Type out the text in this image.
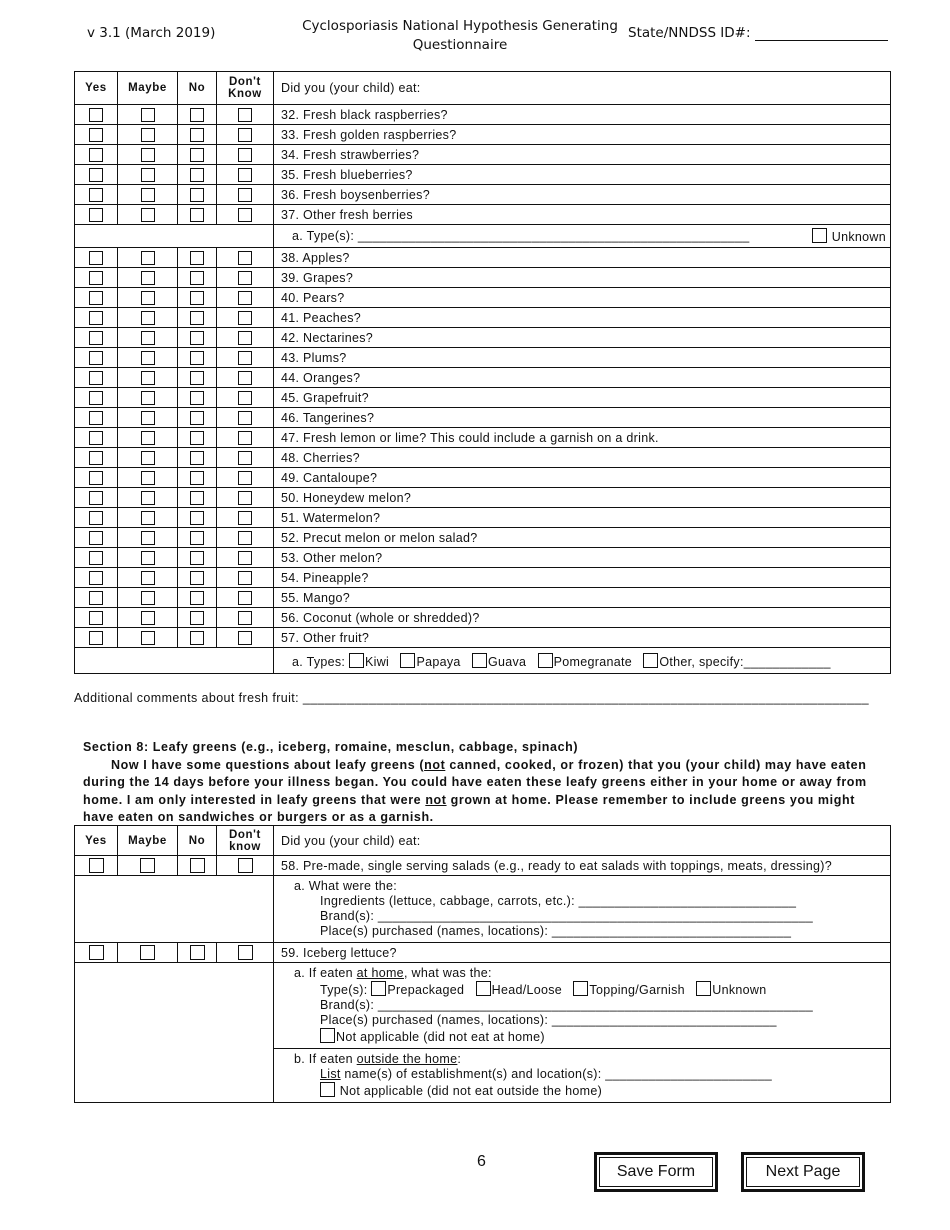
v 3.1 (March 2019)	Cyclosporiasis National Hypothesis Generating
Questionnaire
State/NNDSS ID#:
Yes	Maybe	No	Don't Know	Did you (your child) eat:
				32. Fresh black raspberries?
				33. Fresh golden raspberries?
				34. Fresh strawberries?
				35. Fresh blueberries?
				36. Fresh boysenberries?
				37. Other fresh berries

				a. Type(s): ______________________________________________________ Unknown

				38. Apples?
				39. Grapes?
				40. Pears?
				41. Peaches?
				42. Nectarines?
				43. Plums?
				44. Oranges?
				45. Grapefruit?
				46. Tangerines?
				47. Fresh lemon or lime? This could include a garnish on a drink.
				48. Cherries?
				49. Cantaloupe?
				50. Honeydew melon?
				51. Watermelon?
				52. Precut melon or melon salad?
				53. Other melon?
				54. Pineapple?
				55. Mango?
				56. Coconut (whole or shredded)?
				57. Other fruit?
				a. Types: Kiwi Papaya Guava Pomegranate Other, specify:____________
Additional comments about fresh fruit: _____________________________________________________________________________

Section 8: Leafy greens (e.g., iceberg, romaine, mesclun, cabbage, spinach)

Now I have some questions about leafy greens (not canned, cooked, or frozen) that you (your child) may have eaten during the 14 days before your illness began. You could have eaten these leafy greens either in your home or away from home. I am only interested in leafy greens that were not grown at home. Please remember to include greens you might have eaten on sandwiches or burgers or as a garnish.

Yes	Maybe	No	Don't know	Did you (your child) eat:
				58. Pre-made, single serving salads (e.g., ready to eat salads with toppings, meats, dressing)?

				a. What were the:
Ingredients (lettuce, cabbage, carrots, etc.): ______________________________
Brand(s): ____________________________________________________________
Place(s) purchased (names, locations): _________________________________

				59. Iceberg lettuce?

				a. If eaten at home, what was the:
Type(s): Prepackaged Head/Loose Topping/Garnish Unknown
Brand(s): ____________________________________________________________
Place(s) purchased (names, locations): _______________________________
Not applicable (did not eat at home)

				b. If eaten outside the home:
List name(s) of establishment(s) and location(s): _______________________
Not applicable (did not eat outside the home)
6
Save Form	Next Page
